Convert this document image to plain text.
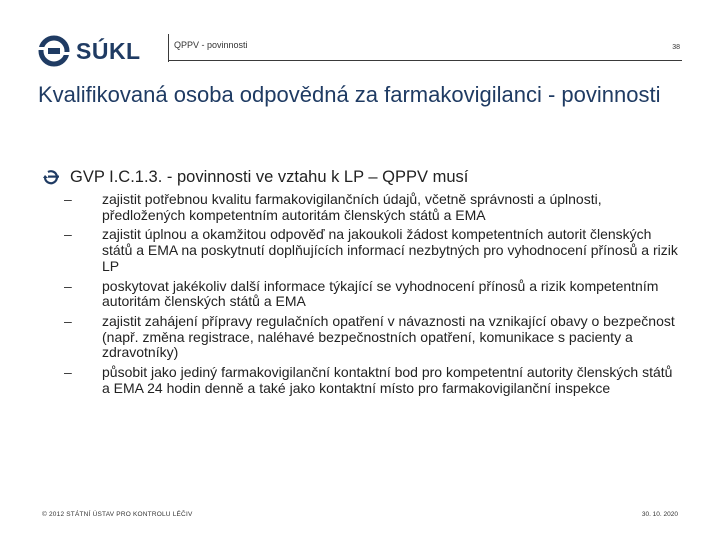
SÚKL	QPPV - povinnosti	38
Kvalifikovaná osoba odpovědná za farmakovigilanci - povinnosti
GVP I.C.1.3. - povinnosti ve vztahu k LP – QPPV musí
– zajistit potřebnou kvalitu farmakovigilančních údajů, včetně správnosti a úplnosti, předložených kompetentním autoritám členských států a EMA
– zajistit úplnou a okamžitou odpověď na jakoukoli žádost kompetentních autorit členských států a EMA na poskytnutí doplňujících informací nezbytných pro vyhodnocení přínosů a rizik LP
– poskytovat jakékoliv další informace týkající se vyhodnocení přínosů a rizik kompetentním autoritám členských států a EMA
– zajistit zahájení přípravy regulačních opatření v návaznosti na vznikající obavy o bezpečnost (např. změna registrace, naléhavé bezpečnostních opatření, komunikace s pacienty a zdravotníky)
– působit jako jediný farmakovigilanční kontaktní bod pro kompetentní autority členských států a EMA 24 hodin denně a také jako kontaktní místo pro farmakovigilanční inspekce
© 2012 STÁTNÍ ÚSTAV PRO KONTROLU LÉČIV	30. 10. 2020
